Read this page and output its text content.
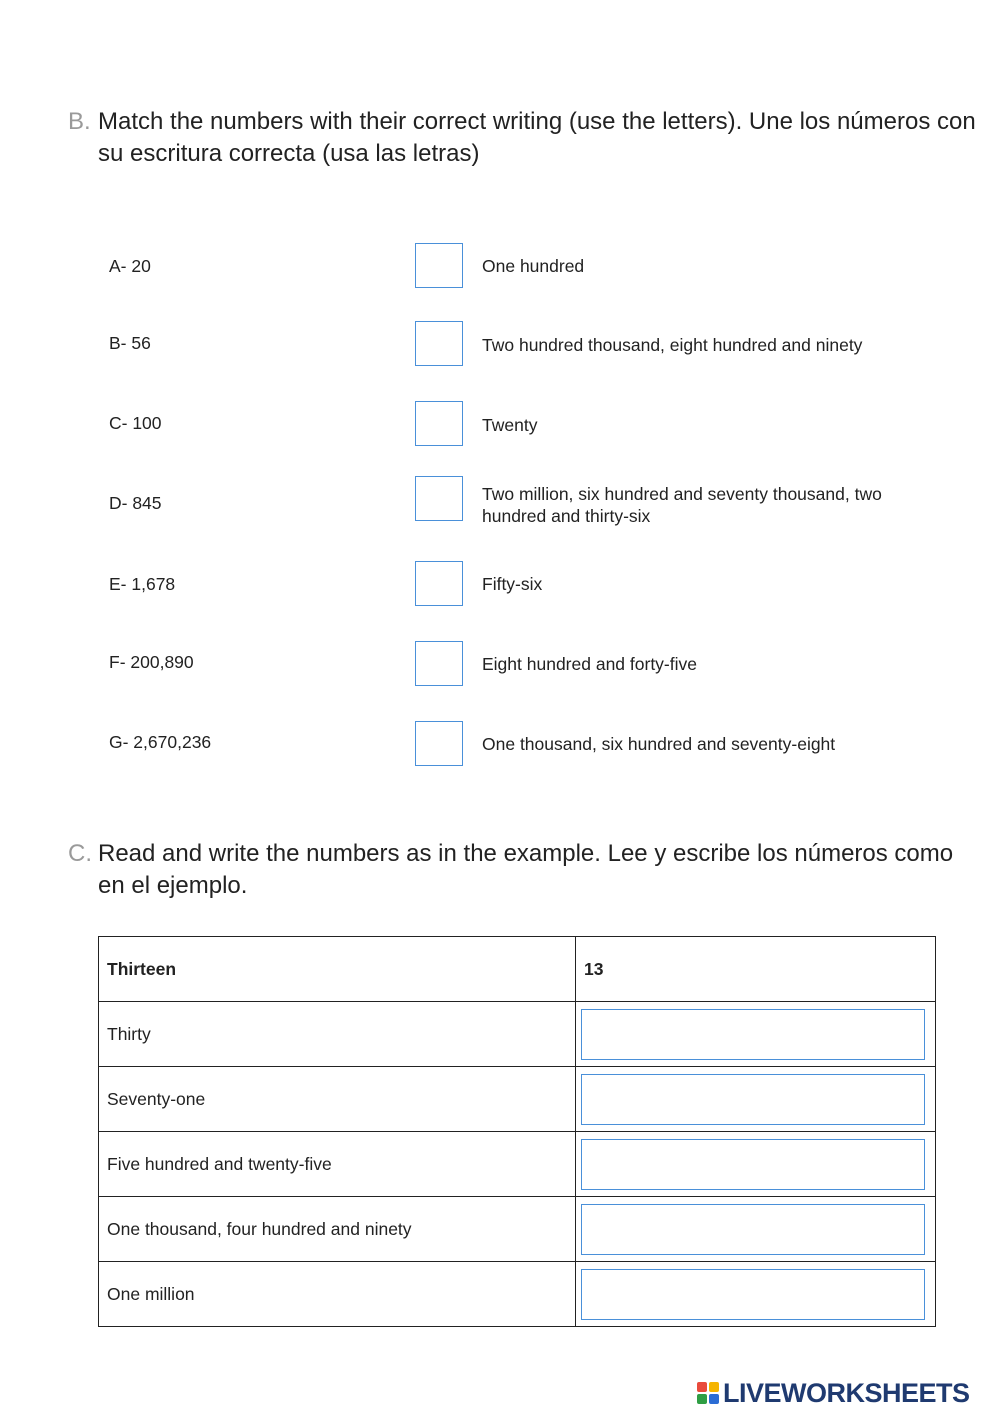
B. Match the numbers with their correct writing (use the letters). Une los números con su escritura correcta (usa las letras)
A- 20	One hundred
B- 56	Two hundred thousand, eight hundred and ninety
C- 100	Twenty
D- 845	Two million, six hundred and seventy thousand, two hundred and thirty-six
E- 1,678	Fifty-six
F- 200,890	Eight hundred and forty-five
G- 2,670,236	One thousand, six hundred and seventy-eight
C. Read and write the numbers as in the example. Lee y escribe los números como en el ejemplo.
Thirteen	13
Thirty	

Seventy-one	

Five hundred and twenty-five	

One thousand, four hundred and ninety	

One million	
LIVEWORKSHEETS
